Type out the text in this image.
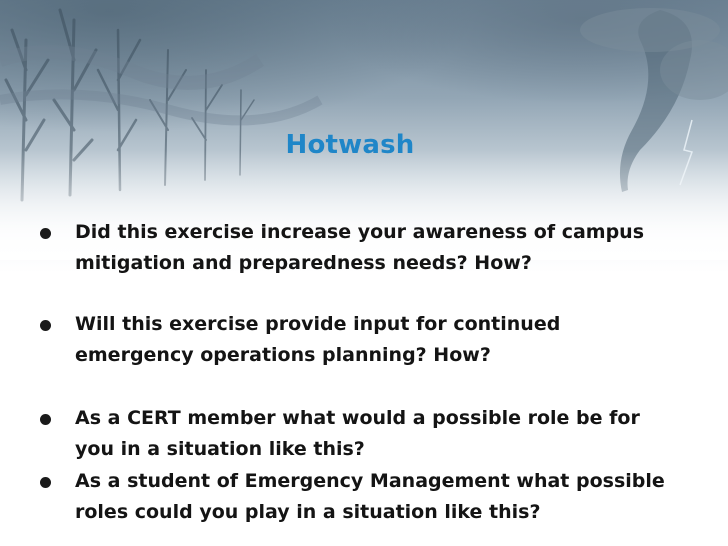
Hotwash
Did this exercise increase your awareness of campus mitigation and preparedness needs? How?
Will this exercise provide input for continued emergency operations planning? How?
As a CERT member what would a possible role be for you in a situation like this?
As a student of Emergency Management what possible roles could you play in a situation like this?
